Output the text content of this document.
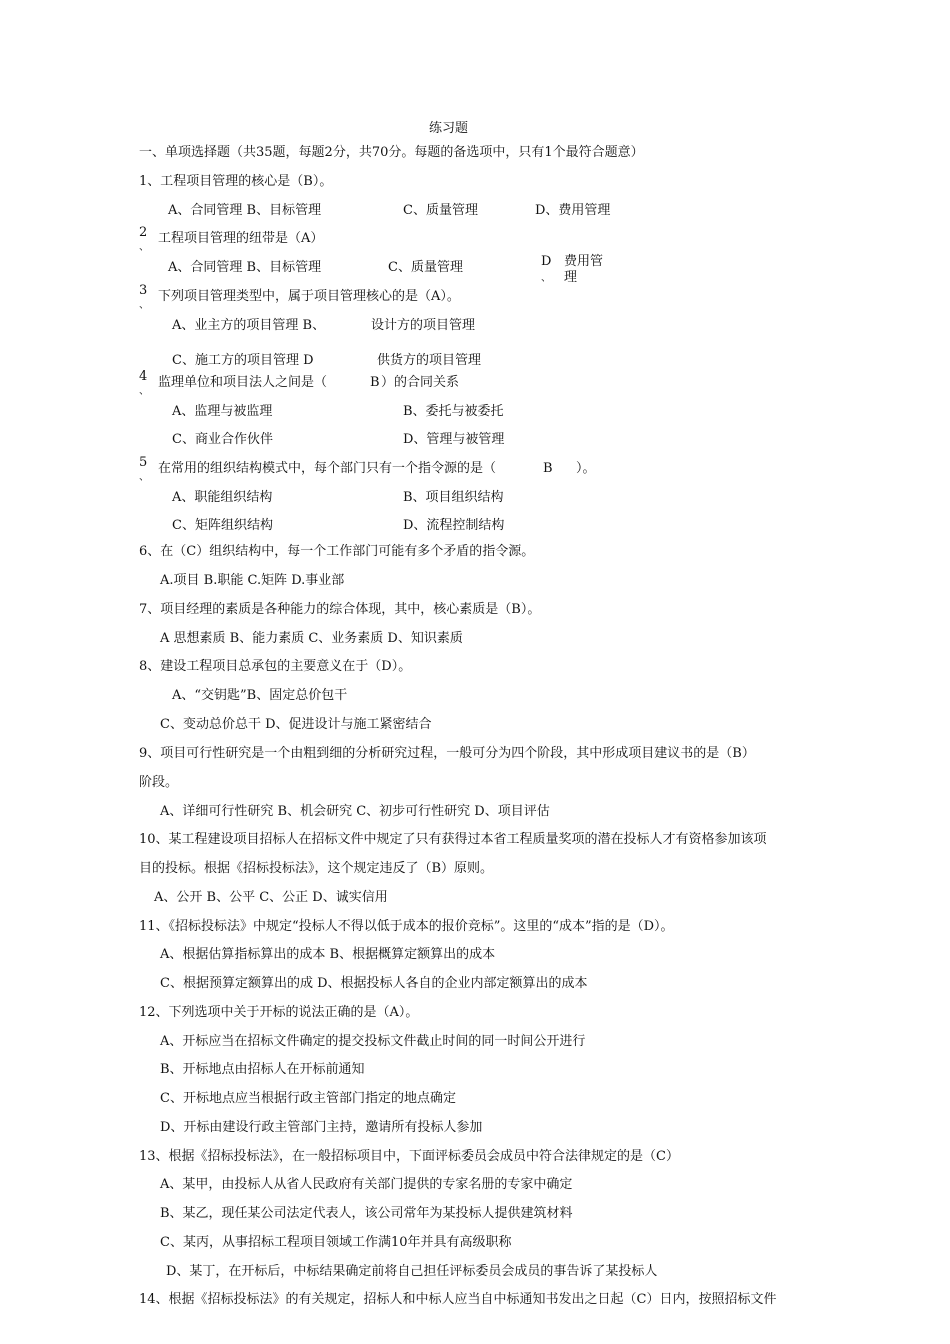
练习题
一、单项选择题（共35题，每题2分，共70分。每题的备选项中，只有1个最符合题意）
1、工程项目管理的核心是（B）。
A、合同管理 B、目标管理	C、质量管理	D、费用管理
2
、
工程项目管理的纽带是（A）
A、合同管理 B、目标管理	C、质量管理	D
、
费用管
理
3
、
下列项目管理类型中，属于项目管理核心的是（A）。
A、业主方的项目管理 B、	设计方的项目管理
C、施工方的项目管理 D	供货方的项目管理
4
、
监理单位和项目法人之间是（	B ）的合同关系
A、监理与被监理	B、委托与被委托
C、商业合作伙伴	D、管理与被管理
5
、
在常用的组织结构模式中，每个部门只有一个指令源的是（	B ）。
A、职能组织结构	B、项目组织结构
C、矩阵组织结构	D、流程控制结构
6、在（C）组织结构中，每一个工作部门可能有多个矛盾的指令源。
A.项目 B.职能 C.矩阵 D.事业部
7、项目经理的素质是各种能力的综合体现，其中，核心素质是（B）。
A 思想素质 B、能力素质 C、业务素质 D、知识素质
8、建设工程项目总承包的主要意义在于（D）。
A、“交钥匙”B、固定总价包干
C、变动总价总干 D、促进设计与施工紧密结合
9、项目可行性研究是一个由粗到细的分析研究过程，一般可分为四个阶段，其中形成项目建议书的是（B）
阶段。
A、详细可行性研究 B、机会研究 C、初步可行性研究 D、项目评估
10、某工程建设项目招标人在招标文件中规定了只有获得过本省工程质量奖项的潜在投标人才有资格参加该项
目的投标。根据《招标投标法》，这个规定违反了（B）原则。
A、公开 B、公平 C、公正 D、诚实信用
11、《招标投标法》中规定“投标人不得以低于成本的报价竞标”。这里的“成本”指的是（D）。
A、根据估算指标算出的成本 B、根据概算定额算出的成本
C、根据预算定额算出的成 D、根据投标人各自的企业内部定额算出的成本
12、下列选项中关于开标的说法正确的是（A）。
A、开标应当在招标文件确定的提交投标文件截止时间的同一时间公开进行
B、开标地点由招标人在开标前通知
C、开标地点应当根据行政主管部门指定的地点确定
D、开标由建设行政主管部门主持，邀请所有投标人参加
13、根据《招标投标法》，在一般招标项目中，下面评标委员会成员中符合法律规定的是（C）
A、某甲，由投标人从省人民政府有关部门提供的专家名册的专家中确定
B、某乙，现任某公司法定代表人，该公司常年为某投标人提供建筑材料
C、某丙，从事招标工程项目领域工作满10年并具有高级职称
D、某丁，在开标后，中标结果确定前将自己担任评标委员会成员的事告诉了某投标人
14、根据《招标投标法》的有关规定，招标人和中标人应当自中标通知书发出之日起（C）日内，按照招标文件
